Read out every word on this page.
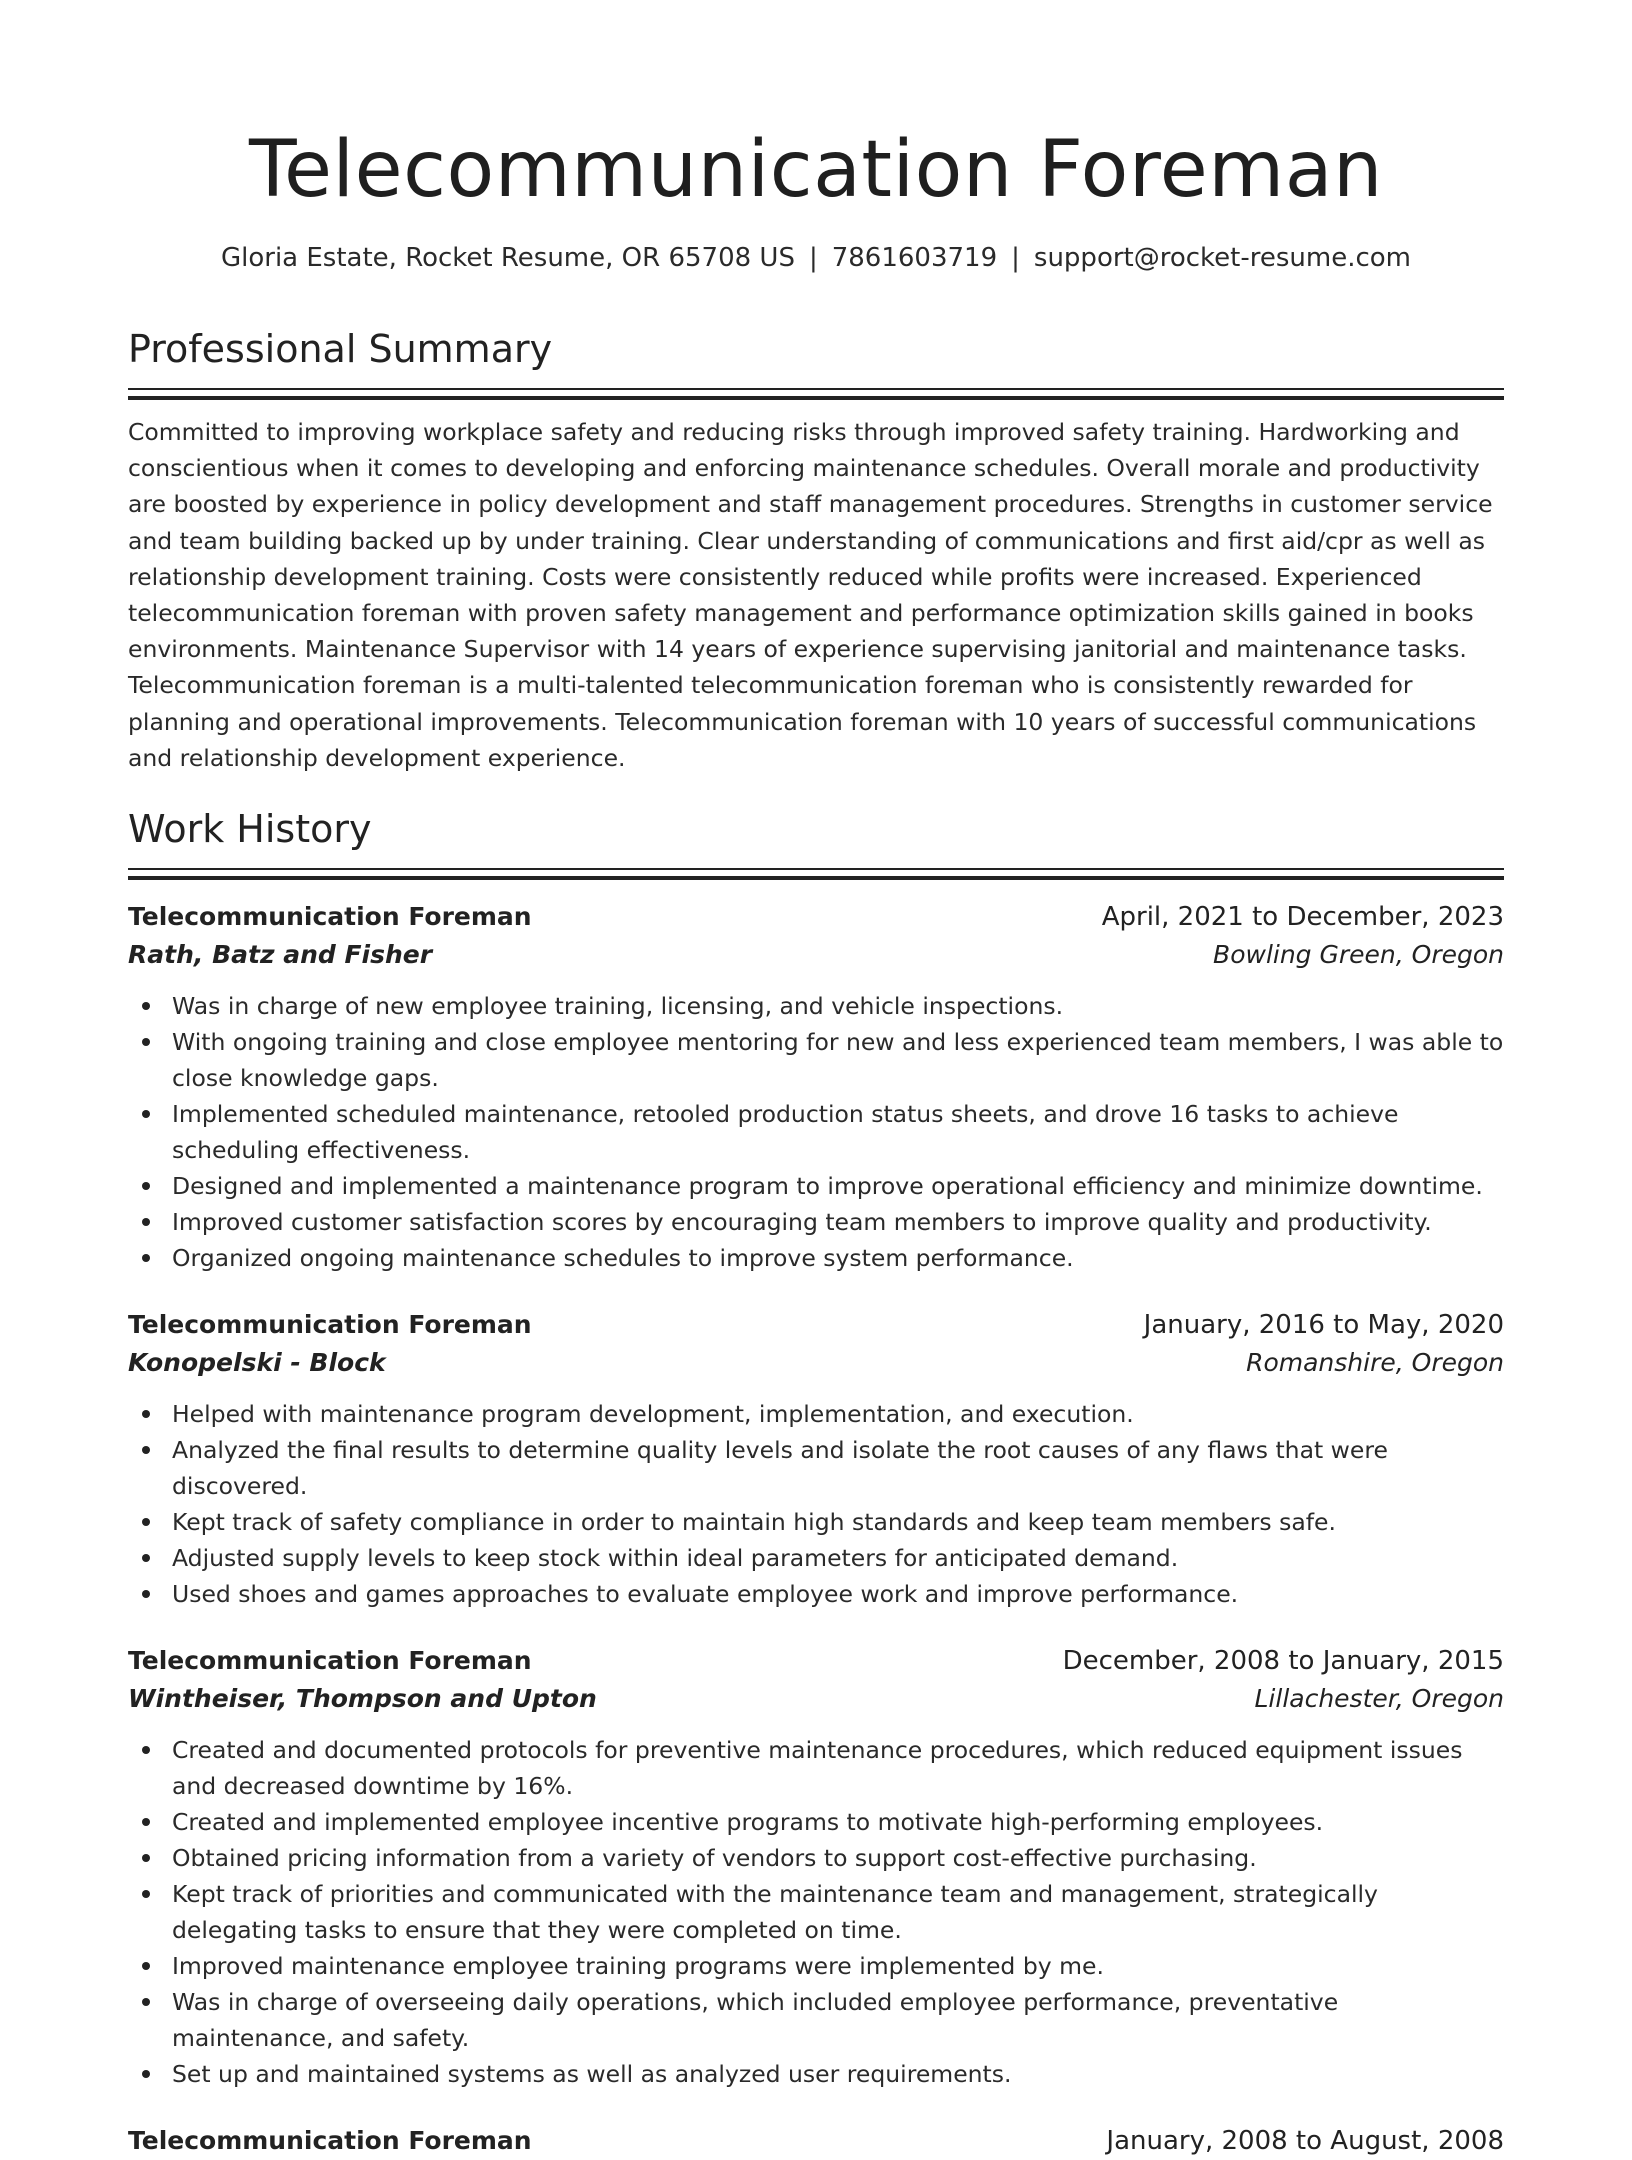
Telecommunication Foreman
Gloria Estate, Rocket Resume, OR 65708 US | 7861603719 | support@rocket-resume.com
Professional Summary
Committed to improving workplace safety and reducing risks through improved safety training. Hardworking and conscientious when it comes to developing and enforcing maintenance schedules. Overall morale and productivity are boosted by experience in policy development and staff management procedures. Strengths in customer service and team building backed up by under training. Clear understanding of communications and first aid/cpr as well as relationship development training. Costs were consistently reduced while profits were increased. Experienced telecommunication foreman with proven safety management and performance optimization skills gained in books environments. Maintenance Supervisor with 14 years of experience supervising janitorial and maintenance tasks. Telecommunication foreman is a multi-talented telecommunication foreman who is consistently rewarded for planning and operational improvements. Telecommunication foreman with 10 years of successful communications and relationship development experience.
Work History
Telecommunication Foreman	April, 2021 to December, 2023
Rath, Batz and Fisher	Bowling Green, Oregon
Was in charge of new employee training, licensing, and vehicle inspections.
With ongoing training and close employee mentoring for new and less experienced team members, I was able to close knowledge gaps.
Implemented scheduled maintenance, retooled production status sheets, and drove 16 tasks to achieve scheduling effectiveness.
Designed and implemented a maintenance program to improve operational efficiency and minimize downtime.
Improved customer satisfaction scores by encouraging team members to improve quality and productivity.
Organized ongoing maintenance schedules to improve system performance.
Telecommunication Foreman	January, 2016 to May, 2020
Konopelski - Block	Romanshire, Oregon
Helped with maintenance program development, implementation, and execution.
Analyzed the final results to determine quality levels and isolate the root causes of any flaws that were discovered.
Kept track of safety compliance in order to maintain high standards and keep team members safe.
Adjusted supply levels to keep stock within ideal parameters for anticipated demand.
Used shoes and games approaches to evaluate employee work and improve performance.
Telecommunication Foreman	December, 2008 to January, 2015
Wintheiser, Thompson and Upton	Lillachester, Oregon
Created and documented protocols for preventive maintenance procedures, which reduced equipment issues and decreased downtime by 16%.
Created and implemented employee incentive programs to motivate high-performing employees.
Obtained pricing information from a variety of vendors to support cost-effective purchasing.
Kept track of priorities and communicated with the maintenance team and management, strategically delegating tasks to ensure that they were completed on time.
Improved maintenance employee training programs were implemented by me.
Was in charge of overseeing daily operations, which included employee performance, preventative maintenance, and safety.
Set up and maintained systems as well as analyzed user requirements.
Telecommunication Foreman	January, 2008 to August, 2008
